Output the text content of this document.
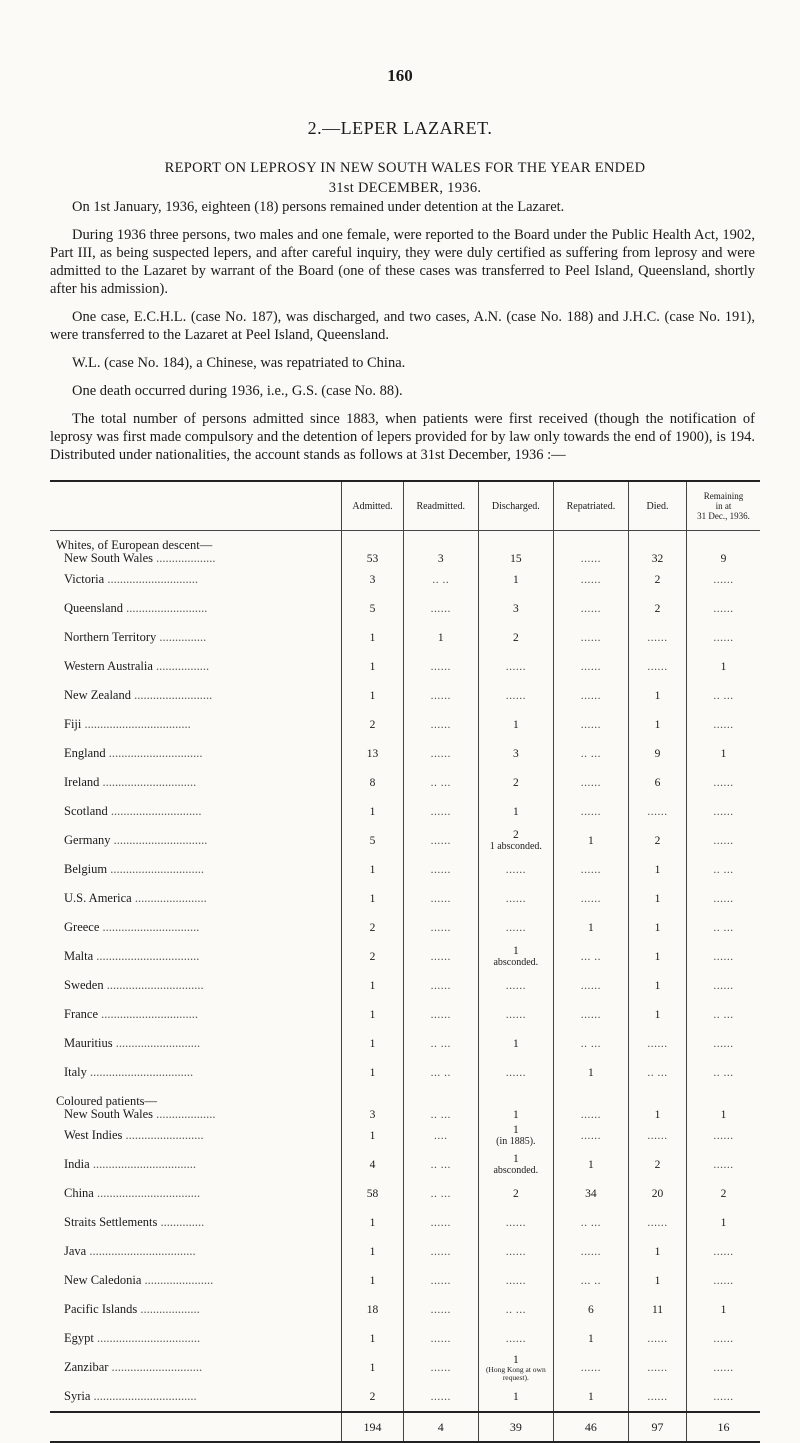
160
2.—LEPER LAZARET.
REPORT ON LEPROSY IN NEW SOUTH WALES FOR THE YEAR ENDED
31st DECEMBER, 1936.

On 1st January, 1936, eighteen (18) persons remained under detention at the Lazaret.

During 1936 three persons, two males and one female, were reported to the Board under the Public Health Act, 1902, Part III, as being suspected lepers, and after careful inquiry, they were duly certified as suffering from leprosy and were admitted to the Lazaret by warrant of the Board (one of these cases was transferred to Peel Island, Queensland, shortly after his admission).

One case, E.C.H.L. (case No. 187), was discharged, and two cases, A.N. (case No. 188) and J.H.C. (case No. 191), were transferred to the Lazaret at Peel Island, Queensland.

W.L. (case No. 184), a Chinese, was repatriated to China.

One death occurred during 1936, i.e., G.S. (case No. 88).

The total number of persons admitted since 1883, when patients were first received (though the notification of leprosy was first made compulsory and the detention of lepers provided for by law only towards the end of 1900), is 194. Distributed under nationalities, the account stands as follows at 31st December, 1936 :—

	Admitted.	Readmitted.	Discharged.	Repatriated.	Died.	Remaining
in at
31 Dec., 1936.
Whites, of European descent—
New South Wales ...................	53	3	15	......	32	9
Victoria .............................	3	.. ..	1	......	2	......
Queensland ..........................	5	......	3	......	2	......
Northern Territory ...............	1	1	2	......	......	......
Western Australia .................	1	......	......	......	......	1
New Zealand .........................	1	......	......	......	1	.. ...
Fiji ..................................	2	......	1	......	1	......
England ..............................	13	......	3	.. ...	9	1
Ireland ..............................	8	.. ...	2	......	6	......
Scotland .............................	1	......	1	......	......	......
Germany ..............................	5	......	2
1 absconded.	1	2	......
Belgium ..............................	1	......	......	......	1	.. ...
U.S. America .......................	1	......	......	......	1	......
Greece ...............................	2	......	......	1	1	.. ...
Malta .................................	2	......	1
absconded.	... ..	1	......
Sweden ...............................	1	......	......	......	1	......
France ...............................	1	......	......	......	1	.. ...
Mauritius ...........................	1	.. ...	1	.. ...	......	......
Italy .................................	1	... ..	......	1	.. ...	.. ...
Coloured patients—
New South Wales ...................	3	.. ...	1	......	1	1
West Indies .........................	1	....	1
(in 1885).	......	......	......
India .................................	4	.. ...	1
absconded.	1	2	......
China .................................	58	.. ...	2	34	20	2
Straits Settlements ..............	1	......	......	.. ...	......	1
Java ..................................	1	......	......	......	1	......
New Caledonia ......................	1	......	......	... ..	1	......
Pacific Islands ...................	18	......	.. ...	6	11	1
Egypt .................................	1	......	......	1	......	......
Zanzibar .............................	1	......	1
(Hong Kong at own request).	......	......	......
Syria .................................	2	......	1	1	......	......
	194	4	39	46	97	16
